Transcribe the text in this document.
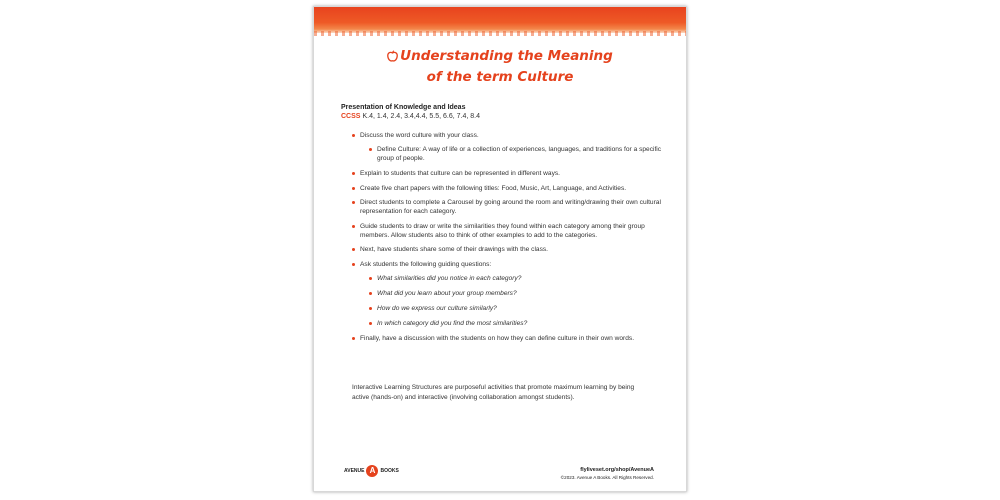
Understanding the Meaning
of the term Culture
Presentation of Knowledge and Ideas
CCSS K.4, 1.4, 2.4, 3.4,4.4, 5.5, 6.6, 7.4, 8.4
Discuss the word culture with your class.
Define Culture: A way of life or a collection of experiences, languages, and traditions for a specific group of people.
Explain to students that culture can be represented in different ways.
Create five chart papers with the following titles: Food, Music, Art, Language, and Activities.
Direct students to complete a Carousel by going around the room and writing/drawing their own cultural representation for each category.
Guide students to draw or write the similarities they found within each category among their group members. Allow students also to think of other examples to add to the categories.
Next, have students share some of their drawings with the class.
Ask students the following guiding questions:
What similarities did you notice in each category?
What did you learn about your group members?
How do we express our culture similarly?
In which category did you find the most similarities?
Finally, have a discussion with the students on how they can define culture in their own words.
Interactive Learning Structures are purposeful activities that promote maximum learning by being active (hands-on) and interactive (involving collaboration amongst students).
AVENUE A	BOOKS	flyliveset.org/shop/AvenueA
©2023. Avenue A Books. All Rights Reserved.
